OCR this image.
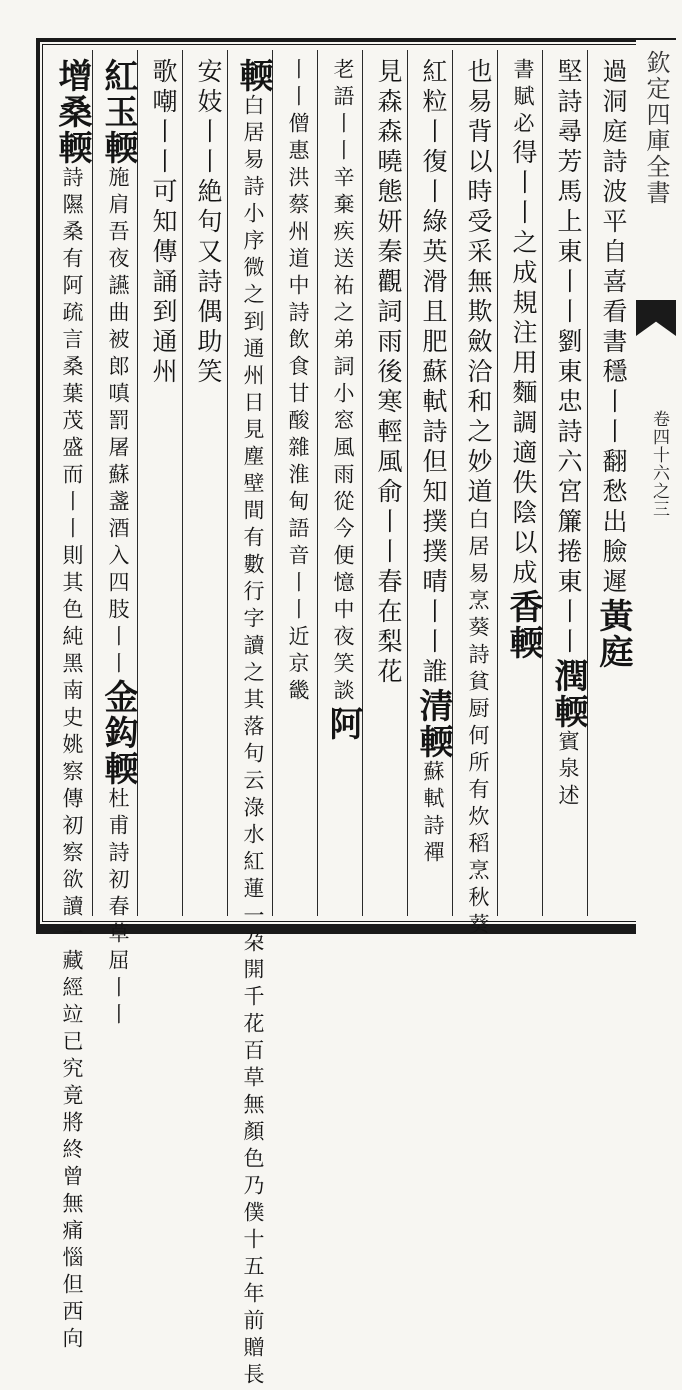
欽定四庫全書
卷四十六之三
過洞庭詩波平自喜看書穩丨丨翻愁出臉遲黃庭
堅詩尋芳馬上東丨丨劉東忠詩六宮簾捲東丨丨潤輭賓泉述
書賦必得丨丨之成規注用麵調適佚陰以成香輭
也易背以時受采無欺斂洽和之妙道白居易烹葵詩貧厨何所有炊稻烹秋葵
紅粒丨復丨綠英滑且肥蘇軾詩但知撲撲晴丨丨誰清輭蘇軾詩禪
見森森曉態妍秦觀詞雨後寒輕風俞丨丨春在梨花
老語丨丨辛棄疾送祐之弟詞小窓風雨從今便憶中夜笑談阿
丨丨僧惠洪蔡州道中詩飲食甘酸雜淮甸語音丨丨近京畿
輭白居易詩小序微之到通州日見塵壁間有數行字讀之其落句云淥水紅蓮一朶開千花百草無顏色乃僕十五年前贈長
安妓丨丨絶句又詩偶助笑
歌嘲丨丨可知傳誦到通州
紅玉輭施肩吾夜讌曲被郎嗔罰屠蘇盞酒入四肢丨丨金鈎輭杜甫詩初春草屈丨丨
增桑輭詩隰桑有阿疏言桑葉茂盛而丨丨則其色純黑南史姚察傳初察欲讀一藏經竝已究竟將終曾無痛惱但西向
